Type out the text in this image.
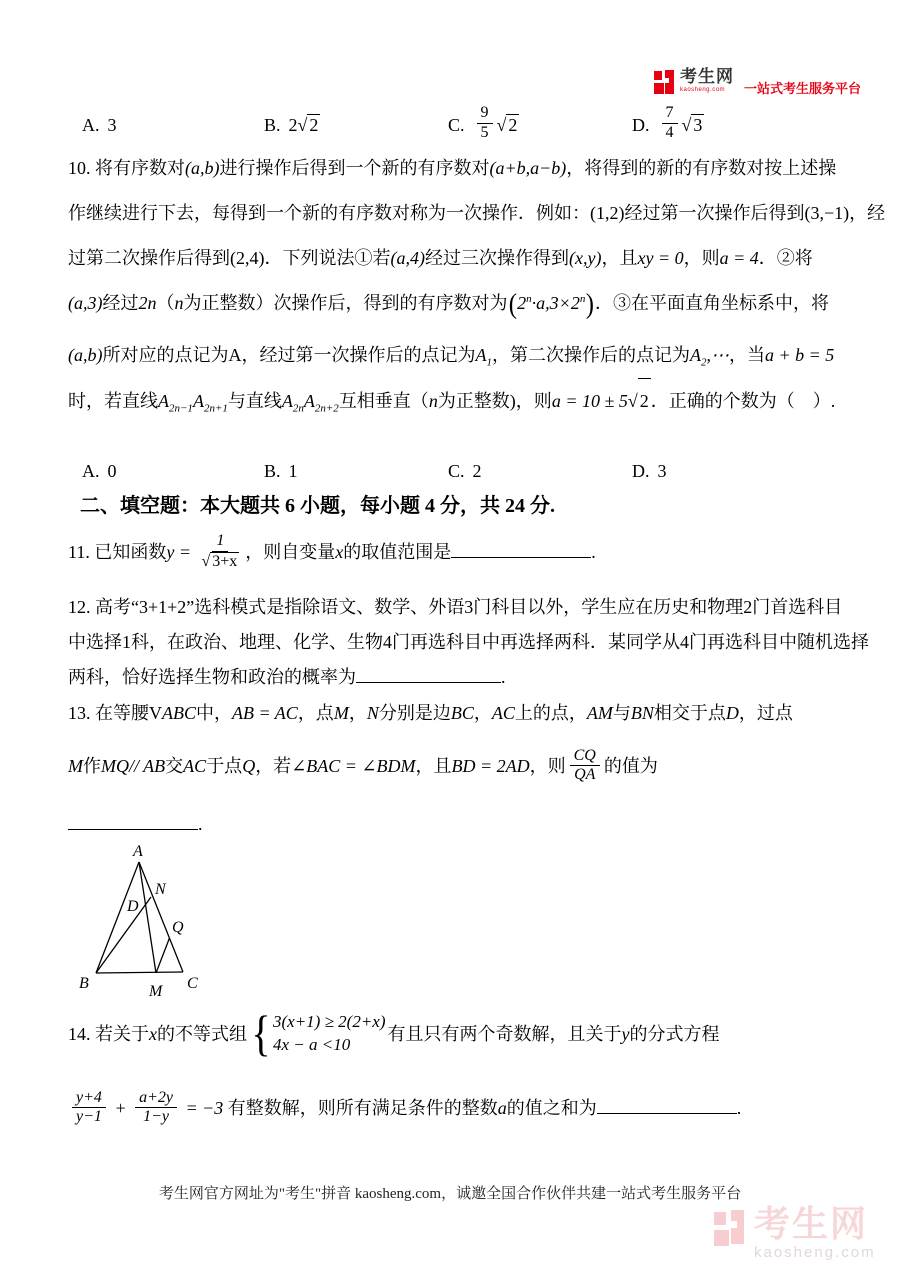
考生网
kaosheng.com	一站式考生服务平台
A. 3	B. 2 √ 2	C. $\frac{9}{5}$ √ 2	D. $\frac{7}{4}$ √ 3
10. 将有序数对(a,b)进行操作后得到一个新的有序数对(a+b,a−b)，将得到的新的有序数对按上述操
作继续进行下去，每得到一个新的有序数对称为一次操作．例如：(1,2)经过第一次操作后得到(3,−1)，经
过第二次操作后得到(2,4)．下列说法①若(a,4)经过三次操作得到(x,y)，且xy = 0，则a = 4．②将
(a,3)经过2n（n为正整数）次操作后，得到的有序数对为$(2^n\cdot a,3\times 2^n)$．③在平面直角坐标系中，将
(a,b)所对应的点记为A，经过第一次操作后的点记为$A_1$，第二次操作后的点记为$A_2,\cdots$，当a + b = 5
时，若直线$A_{2n-1}A_{2n+1}$与直线$A_{2n}A_{2n+2}$互相垂直（n为正整数)，则a = 10 ± 5 √ 2 ．正确的个数为（　）.
A. 0	B. 1	C. 2	D. 3
二、填空题：本大题共 6 小题，每小题 4 分，共 24 分.
11. 已知函数$y = \frac{1}{√ 3+x}$ ，则自变量x的取值范围是	.
12. 高考“3+1+2”选科模式是指除语文、数学、外语3门科目以外，学生应在历史和物理2门首选科目
中选择1科，在政治、地理、化学、生物4门再选科目中再选择两科．某同学从4门再选科目中随机选择
两科，恰好选择生物和政治的概率为	.
13. 在等腰VABC中，AB = AC，点M，N分别是边BC，AC上的点，AM与BN相交于点D，过点
M作MQ// AB交AC于点Q，若∠BAC = ∠BDM，且BD = 2AD，则 $\frac{CQ}{QA}$ 的值为
.
A
B	C
D
M
N
Q
14. 若关于x的不等式组 { 3(x+1) ≥ 2(2+x)
4x − a <10
有且只有两个奇数解，且关于y的分式方程
$\frac{y+4}{y-1} + \frac{a+2y}{1-y} = -3$ 有整数解，则所有满足条件的整数a的值之和为	.
考生网官方网址为"考生"拼音 kaosheng.com，诚邀全国合作伙伴共建一站式考生服务平台
考生网
kaosheng.com
